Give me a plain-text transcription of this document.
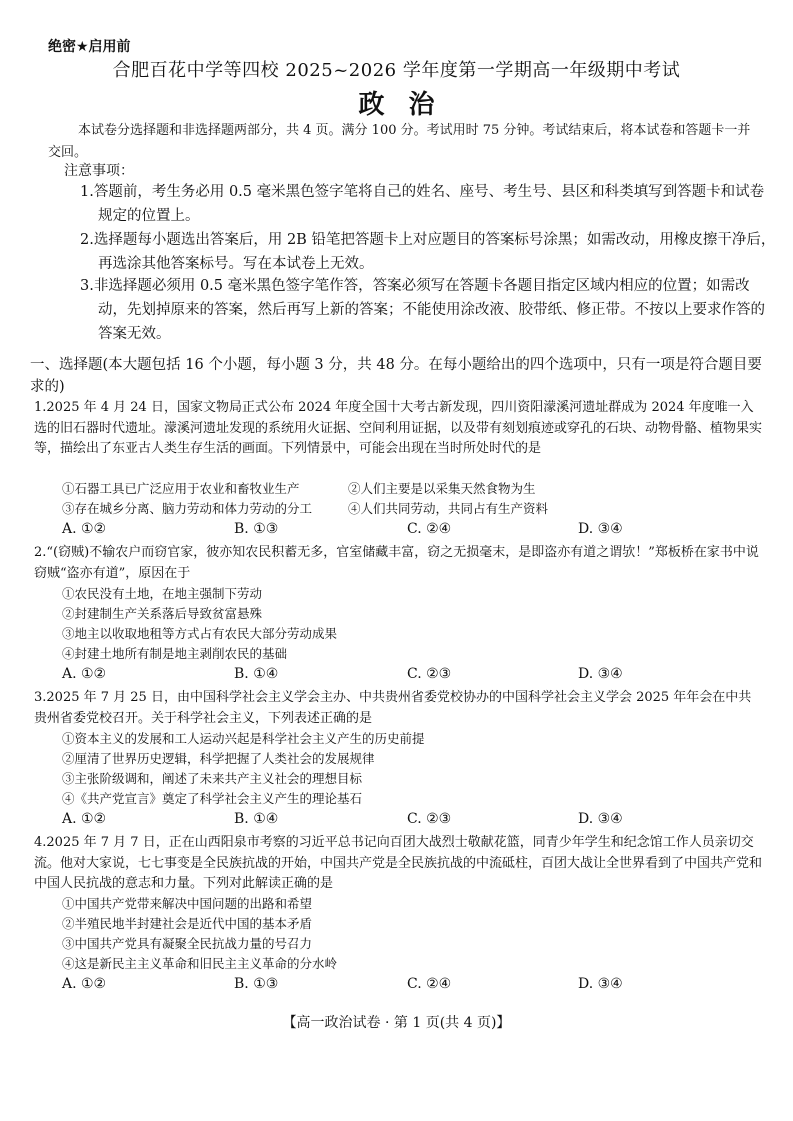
绝密★启用前
合肥百花中学等四校 2025~2026 学年度第一学期高一年级期中考试
政治
本试卷分选择题和非选择题两部分，共 4 页。满分 100 分。考试用时 75 分钟。考试结束后，将本试卷和答题卡一并交回。
注意事项：
1.答题前，考生务必用 0.5 毫米黑色签字笔将自己的姓名、座号、考生号、县区和科类填写到答题卡和试卷规定的位置上。
2.选择题每小题选出答案后，用 2B 铅笔把答题卡上对应题目的答案标号涂黑；如需改动，用橡皮擦干净后，再选涂其他答案标号。写在本试卷上无效。
3.非选择题必须用 0.5 毫米黑色签字笔作答，答案必须写在答题卡各题目指定区域内相应的位置；如需改动，先划掉原来的答案，然后再写上新的答案；不能使用涂改液、胶带纸、修正带。不按以上要求作答的答案无效。
一、选择题(本大题包括 16 个小题，每小题 3 分，共 48 分。在每小题给出的四个选项中，只有一项是符合题目要求的)
1.2025 年 4 月 24 日，国家文物局正式公布 2024 年度全国十大考古新发现，四川资阳濛溪河遗址群成为 2024 年度唯一入选的旧石器时代遗址。濛溪河遗址发现的系统用火证据、空间利用证据，以及带有刻划痕迹或穿孔的石块、动物骨骼、植物果实等，描绘出了东亚古人类生存生活的画面。下列情景中，可能会出现在当时所处时代的是
①石器工具已广泛应用于农业和畜牧业生产	②人们主要是以采集天然食物为生
③存在城乡分离、脑力劳动和体力劳动的分工	④人们共同劳动，共同占有生产资料
A. ①②	B. ①③	C. ②④	D. ③④
2.“(窃贼)不输农户而窃官家，彼亦知农民积蓄无多，官室储藏丰富，窃之无损毫末，是即盗亦有道之谓欤！”郑板桥在家书中说窃贼“盗亦有道”，原因在于
①农民没有土地，在地主强制下劳动
②封建制生产关系落后导致贫富悬殊
③地主以收取地租等方式占有农民大部分劳动成果
④封建土地所有制是地主剥削农民的基础
A. ①②	B. ①④	C. ②③	D. ③④
3.2025 年 7 月 25 日，由中国科学社会主义学会主办、中共贵州省委党校协办的中国科学社会主义学会 2025 年年会在中共贵州省委党校召开。关于科学社会主义，下列表述正确的是
①资本主义的发展和工人运动兴起是科学社会主义产生的历史前提
②厘清了世界历史逻辑，科学把握了人类社会的发展规律
③主张阶级调和，阐述了未来共产主义社会的理想目标
④《共产党宣言》奠定了科学社会主义产生的理论基石
A. ①②	B. ①④	C. ②③	D. ③④
4.2025 年 7 月 7 日，正在山西阳泉市考察的习近平总书记向百团大战烈士敬献花篮，同青少年学生和纪念馆工作人员亲切交流。他对大家说，七七事变是全民族抗战的开始，中国共产党是全民族抗战的中流砥柱，百团大战让全世界看到了中国共产党和中国人民抗战的意志和力量。下列对此解读正确的是
①中国共产党带来解决中国问题的出路和希望
②半殖民地半封建社会是近代中国的基本矛盾
③中国共产党具有凝聚全民抗战力量的号召力
④这是新民主主义革命和旧民主主义革命的分水岭
A. ①②	B. ①③	C. ②④	D. ③④
【高一政治试卷 · 第 1 页(共 4 页)】
